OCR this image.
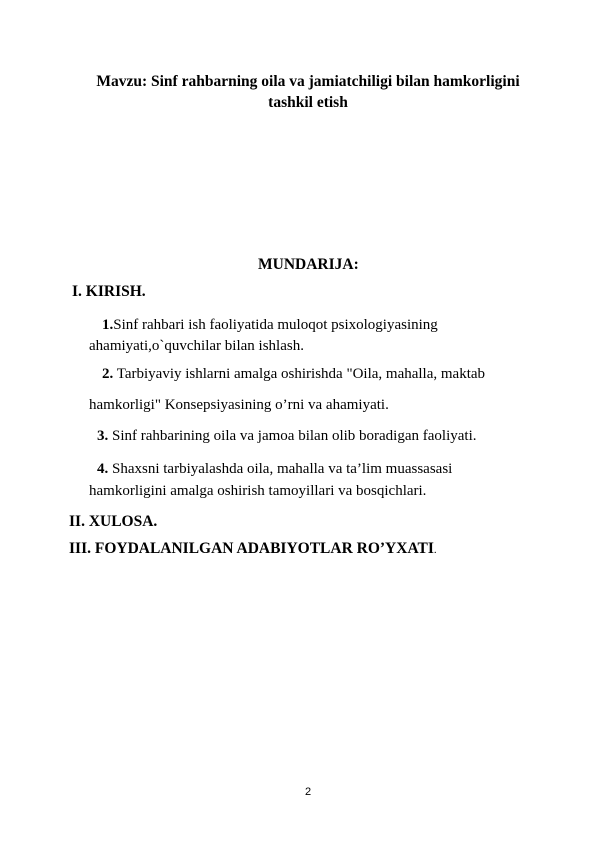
Mavzu: Sinf rahbarning oila va jamiatchiligi bilan hamkorligini
tashkil etish
MUNDARIJA:
I. KIRISH.
1.Sinf rahbari ish faoliyatida muloqot psixologiyasining
ahamiyati,o`quvchilar bilan ishlash.
2. Tarbiyaviy ishlarni amalga oshirishda "Oila, mahalla, maktab
hamkorligi" Konsepsiyasining o’rni va ahamiyati.
3. Sinf rahbarining oila va jamoa bilan olib boradigan faoliyati.
4. Shaxsni tarbiyalashda oila, mahalla va ta’lim muassasasi
hamkorligini amalga oshirish tamoyillari va bosqichlari.
II. XULOSA.
III. FOYDALANILGAN ADABIYOTLAR RO’YXATI.
2
